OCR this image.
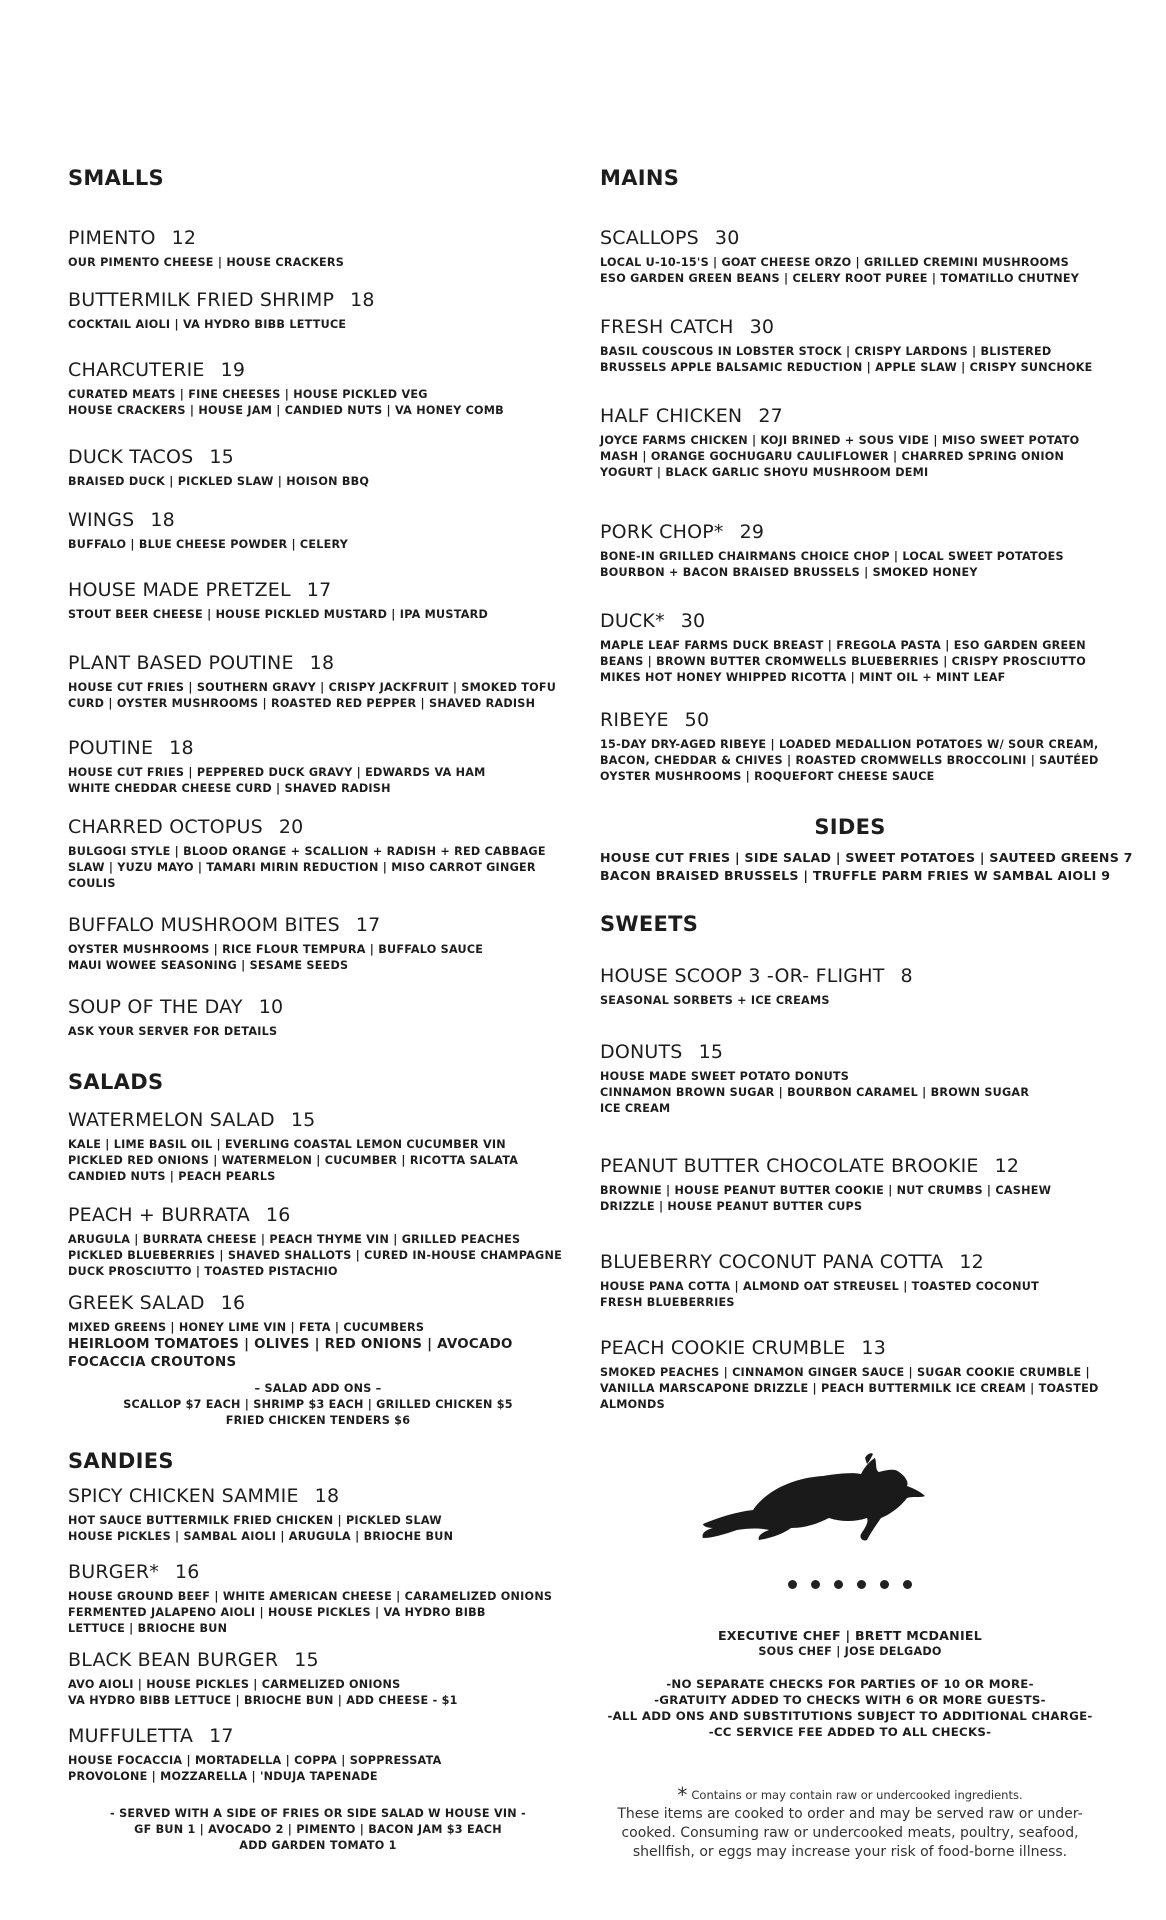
SMALLS
PIMENTO 12
OUR PIMENTO CHEESE | HOUSE CRACKERS
BUTTERMILK FRIED SHRIMP 18
COCKTAIL AIOLI | VA HYDRO BIBB LETTUCE
CHARCUTERIE 19
CURATED MEATS | FINE CHEESES | HOUSE PICKLED VEG
HOUSE CRACKERS | HOUSE JAM | CANDIED NUTS | VA HONEY COMB
DUCK TACOS 15
BRAISED DUCK | PICKLED SLAW | HOISON BBQ
WINGS 18
BUFFALO | BLUE CHEESE POWDER | CELERY
HOUSE MADE PRETZEL 17
STOUT BEER CHEESE | HOUSE PICKLED MUSTARD | IPA MUSTARD
PLANT BASED POUTINE 18
HOUSE CUT FRIES | SOUTHERN GRAVY | CRISPY JACKFRUIT | SMOKED TOFU
CURD | OYSTER MUSHROOMS | ROASTED RED PEPPER | SHAVED RADISH
POUTINE 18
HOUSE CUT FRIES | PEPPERED DUCK GRAVY | EDWARDS VA HAM
WHITE CHEDDAR CHEESE CURD | SHAVED RADISH
CHARRED OCTOPUS 20
BULGOGI STYLE | BLOOD ORANGE + SCALLION + RADISH + RED CABBAGE
SLAW | YUZU MAYO | TAMARI MIRIN REDUCTION | MISO CARROT GINGER
COULIS
BUFFALO MUSHROOM BITES 17
OYSTER MUSHROOMS | RICE FLOUR TEMPURA | BUFFALO SAUCE
MAUI WOWEE SEASONING | SESAME SEEDS
SOUP OF THE DAY 10
ASK YOUR SERVER FOR DETAILS
SALADS
WATERMELON SALAD 15
KALE | LIME BASIL OIL | EVERLING COASTAL LEMON CUCUMBER VIN
PICKLED RED ONIONS | WATERMELON | CUCUMBER | RICOTTA SALATA
CANDIED NUTS | PEACH PEARLS
PEACH + BURRATA 16
ARUGULA | BURRATA CHEESE | PEACH THYME VIN | GRILLED PEACHES
PICKLED BLUEBERRIES | SHAVED SHALLOTS | CURED IN-HOUSE CHAMPAGNE
DUCK PROSCIUTTO | TOASTED PISTACHIO
GREEK SALAD 16
MIXED GREENS | HONEY LIME VIN | FETA | CUCUMBERS
HEIRLOOM TOMATOES | OLIVES | RED ONIONS | AVOCADO
FOCACCIA CROUTONS
– SALAD ADD ONS –
SCALLOP $7 EACH | SHRIMP $3 EACH | GRILLED CHICKEN $5
FRIED CHICKEN TENDERS $6
SANDIES
SPICY CHICKEN SAMMIE 18
HOT SAUCE BUTTERMILK FRIED CHICKEN | PICKLED SLAW
HOUSE PICKLES | SAMBAL AIOLI | ARUGULA | BRIOCHE BUN
BURGER* 16
HOUSE GROUND BEEF | WHITE AMERICAN CHEESE | CARAMELIZED ONIONS
FERMENTED JALAPENO AIOLI | HOUSE PICKLES | VA HYDRO BIBB
LETTUCE | BRIOCHE BUN
BLACK BEAN BURGER 15
AVO AIOLI | HOUSE PICKLES | CARMELIZED ONIONS
VA HYDRO BIBB LETTUCE | BRIOCHE BUN | ADD CHEESE - $1
MUFFULETTA 17
HOUSE FOCACCIA | MORTADELLA | COPPA | SOPPRESSATA
PROVOLONE | MOZZARELLA | 'NDUJA TAPENADE
- SERVED WITH A SIDE OF FRIES OR SIDE SALAD W HOUSE VIN -
GF BUN 1 | AVOCADO 2 | PIMENTO | BACON JAM $3 EACH
ADD GARDEN TOMATO 1
MAINS
SCALLOPS 30
LOCAL U-10-15'S | GOAT CHEESE ORZO | GRILLED CREMINI MUSHROOMS
ESO GARDEN GREEN BEANS | CELERY ROOT PUREE | TOMATILLO CHUTNEY
FRESH CATCH 30
BASIL COUSCOUS IN LOBSTER STOCK | CRISPY LARDONS | BLISTERED
BRUSSELS APPLE BALSAMIC REDUCTION | APPLE SLAW | CRISPY SUNCHOKE
HALF CHICKEN 27
JOYCE FARMS CHICKEN | KOJI BRINED + SOUS VIDE | MISO SWEET POTATO
MASH | ORANGE GOCHUGARU CAULIFLOWER | CHARRED SPRING ONION
YOGURT | BLACK GARLIC SHOYU MUSHROOM DEMI
PORK CHOP* 29
BONE-IN GRILLED CHAIRMANS CHOICE CHOP | LOCAL SWEET POTATOES
BOURBON + BACON BRAISED BRUSSELS | SMOKED HONEY
DUCK* 30
MAPLE LEAF FARMS DUCK BREAST | FREGOLA PASTA | ESO GARDEN GREEN
BEANS | BROWN BUTTER CROMWELLS BLUEBERRIES | CRISPY PROSCIUTTO
MIKES HOT HONEY WHIPPED RICOTTA | MINT OIL + MINT LEAF
RIBEYE 50
15-DAY DRY-AGED RIBEYE | LOADED MEDALLION POTATOES W/ SOUR CREAM,
BACON, CHEDDAR & CHIVES | ROASTED CROMWELLS BROCCOLINI | SAUTÉED
OYSTER MUSHROOMS | ROQUEFORT CHEESE SAUCE
SIDES
HOUSE CUT FRIES | SIDE SALAD | SWEET POTATOES | SAUTEED GREENS 7
BACON BRAISED BRUSSELS | TRUFFLE PARM FRIES W SAMBAL AIOLI 9
SWEETS
HOUSE SCOOP 3 -OR- FLIGHT 8
SEASONAL SORBETS + ICE CREAMS
DONUTS 15
HOUSE MADE SWEET POTATO DONUTS
CINNAMON BROWN SUGAR | BOURBON CARAMEL | BROWN SUGAR
ICE CREAM
PEANUT BUTTER CHOCOLATE BROOKIE 12
BROWNIE | HOUSE PEANUT BUTTER COOKIE | NUT CRUMBS | CASHEW
DRIZZLE | HOUSE PEANUT BUTTER CUPS
BLUEBERRY COCONUT PANA COTTA 12
HOUSE PANA COTTA | ALMOND OAT STREUSEL | TOASTED COCONUT
FRESH BLUEBERRIES
PEACH COOKIE CRUMBLE 13
SMOKED PEACHES | CINNAMON GINGER SAUCE | SUGAR COOKIE CRUMBLE |
VANILLA MARSCAPONE DRIZZLE | PEACH BUTTERMILK ICE CREAM | TOASTED
ALMONDS
EXECUTIVE CHEF | BRETT MCDANIEL
SOUS CHEF | JOSE DELGADO
-NO SEPARATE CHECKS FOR PARTIES OF 10 OR MORE-
-GRATUITY ADDED TO CHECKS WITH 6 OR MORE GUESTS-
-ALL ADD ONS AND SUBSTITUTIONS SUBJECT TO ADDITIONAL CHARGE-
-CC SERVICE FEE ADDED TO ALL CHECKS-
* Contains or may contain raw or undercooked ingredients.
These items are cooked to order and may be served raw or under-
cooked. Consuming raw or undercooked meats, poultry, seafood,
shellfish, or eggs may increase your risk of food-borne illness.
